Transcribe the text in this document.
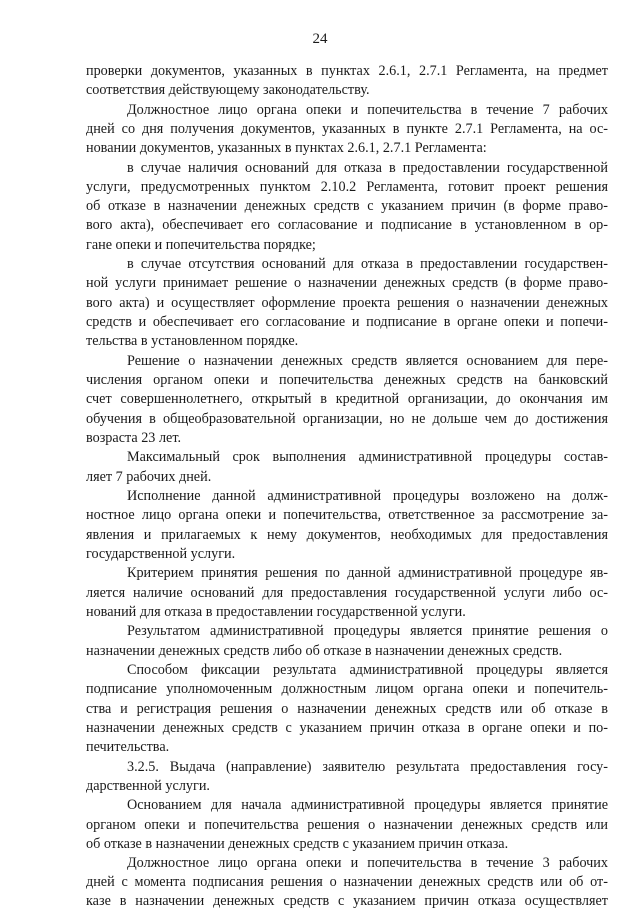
24
проверки документов, указанных в пунктах 2.6.1, 2.7.1 Регламента, на предмет
соответствия действующему законодательству.
Должностное лицо органа опеки и попечительства в течение 7 рабочих
дней со дня получения документов, указанных в пункте 2.7.1 Регламента, на ос-
новании документов, указанных в пунктах 2.6.1, 2.7.1 Регламента:
в случае наличия оснований для отказа в предоставлении государственной
услуги, предусмотренных пунктом 2.10.2 Регламента, готовит проект решения
об отказе в назначении денежных средств с указанием причин (в форме право-
вого акта), обеспечивает его согласование и подписание в установленном в ор-
гане опеки и попечительства порядке;
в случае отсутствия оснований для отказа в предоставлении государствен-
ной услуги принимает решение о назначении денежных средств (в форме право-
вого акта) и осуществляет оформление проекта решения о назначении денежных
средств и обеспечивает его согласование и подписание в органе опеки и попечи-
тельства в установленном порядке.
Решение о назначении денежных средств является основанием для пере-
числения органом опеки и попечительства денежных средств на банковский
счет совершеннолетнего, открытый в кредитной организации, до окончания им
обучения в общеобразовательной организации, но не дольше чем до достижения
возраста 23 лет.
Максимальный срок выполнения административной процедуры состав-
ляет 7 рабочих дней.
Исполнение данной административной процедуры возложено на долж-
ностное лицо органа опеки и попечительства, ответственное за рассмотрение за-
явления и прилагаемых к нему документов, необходимых для предоставления
государственной услуги.
Критерием принятия решения по данной административной процедуре яв-
ляется наличие оснований для предоставления государственной услуги либо ос-
нований для отказа в предоставлении государственной услуги.
Результатом административной процедуры является принятие решения о
назначении денежных средств либо об отказе в назначении денежных средств.
Способом фиксации результата административной процедуры является
подписание уполномоченным должностным лицом органа опеки и попечитель-
ства и регистрация решения о назначении денежных средств или об отказе в
назначении денежных средств с указанием причин отказа в органе опеки и по-
печительства.
3.2.5. Выдача (направление) заявителю результата предоставления госу-
дарственной услуги.
Основанием для начала административной процедуры является принятие
органом опеки и попечительства решения о назначении денежных средств или
об отказе в назначении денежных средств с указанием причин отказа.
Должностное лицо органа опеки и попечительства в течение 3 рабочих
дней с момента подписания решения о назначении денежных средств или об от-
казе в назначении денежных средств с указанием причин отказа осуществляет
